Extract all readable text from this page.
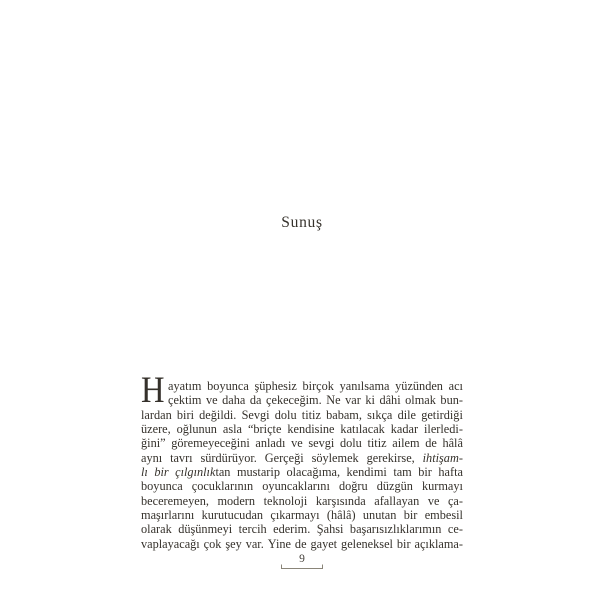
Sunuş
H ayatım boyunca şüphesiz birçok yanılsama yüzünden acı
çektim ve daha da çekeceğim. Ne var ki dâhi olmak bun-
lardan biri değildi. Sevgi dolu titiz babam, sıkça dile getirdiği
üzere, oğlunun asla “briçte kendisine katılacak kadar ilerledi-
ğini” göremeyeceğini anladı ve sevgi dolu titiz ailem de hâlâ
aynı tavrı sürdürüyor. Gerçeği söylemek gerekirse, ihtişam-
lı bir çılgınlıktan mustarip olacağıma, kendimi tam bir hafta
boyunca çocuklarının oyuncaklarını doğru düzgün kurmayı
beceremeyen, modern teknoloji karşısında afallayan ve ça-
maşırlarını kurutucudan çıkarmayı (hâlâ) unutan bir embesil
olarak düşünmeyi tercih ederim. Şahsi başarısızlıklarımın ce-
vaplayacağı çok şey var. Yine de gayet geleneksel bir açıklama-
9
